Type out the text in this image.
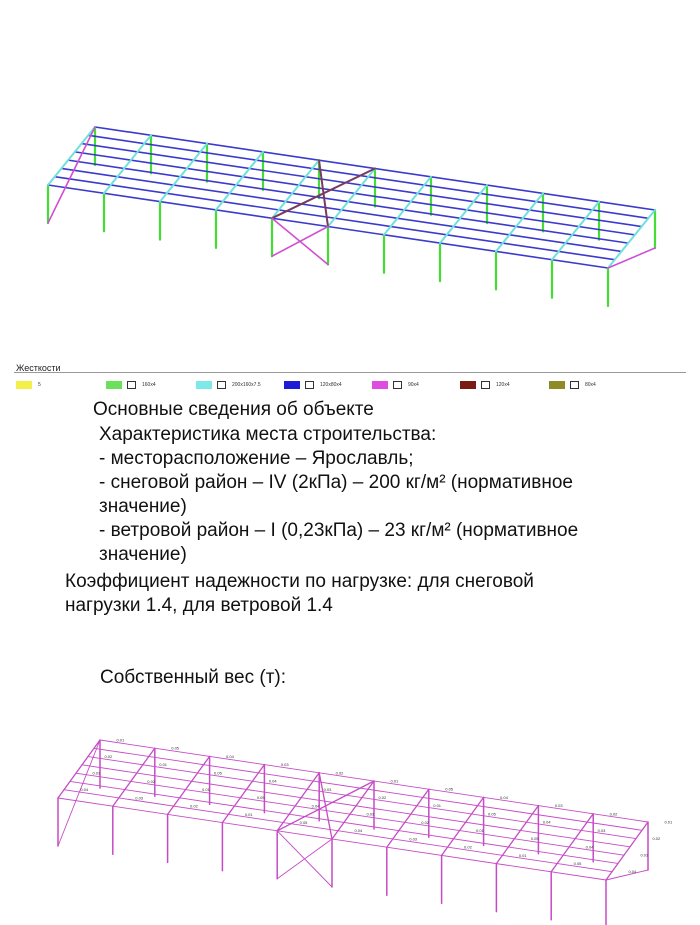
Жесткости
5	160x4	200x160x7.5	120x80x4	90x4	120x4	80x4
Основные сведения об объекте
Характеристика места строительства:
- месторасположение – Ярославль;
- снеговой район – IV (2кПа) – 200 кг/м² (нормативное
значение)
- ветровой район – I (0,23кПа) – 23 кг/м² (нормативное
значение)
Коэффициент надежности по нагрузке: для снеговой
нагрузки 1.4, для ветровой 1.4
Собственный вес (т):
0.01
0.02
0.03
0.04
0.05
0.01
0.02
0.03
0.04
0.05
0.01
0.02
0.03
0.04
0.05
0.01
0.02
0.03
0.04
0.05
0.01
0.02
0.03
0.04
0.05
0.01
0.02
0.03
0.04
0.05
0.01
0.02
0.03
0.04
0.05
0.01
0.02
0.03
0.04
0.05
0.01
0.02
0.03
0.04
